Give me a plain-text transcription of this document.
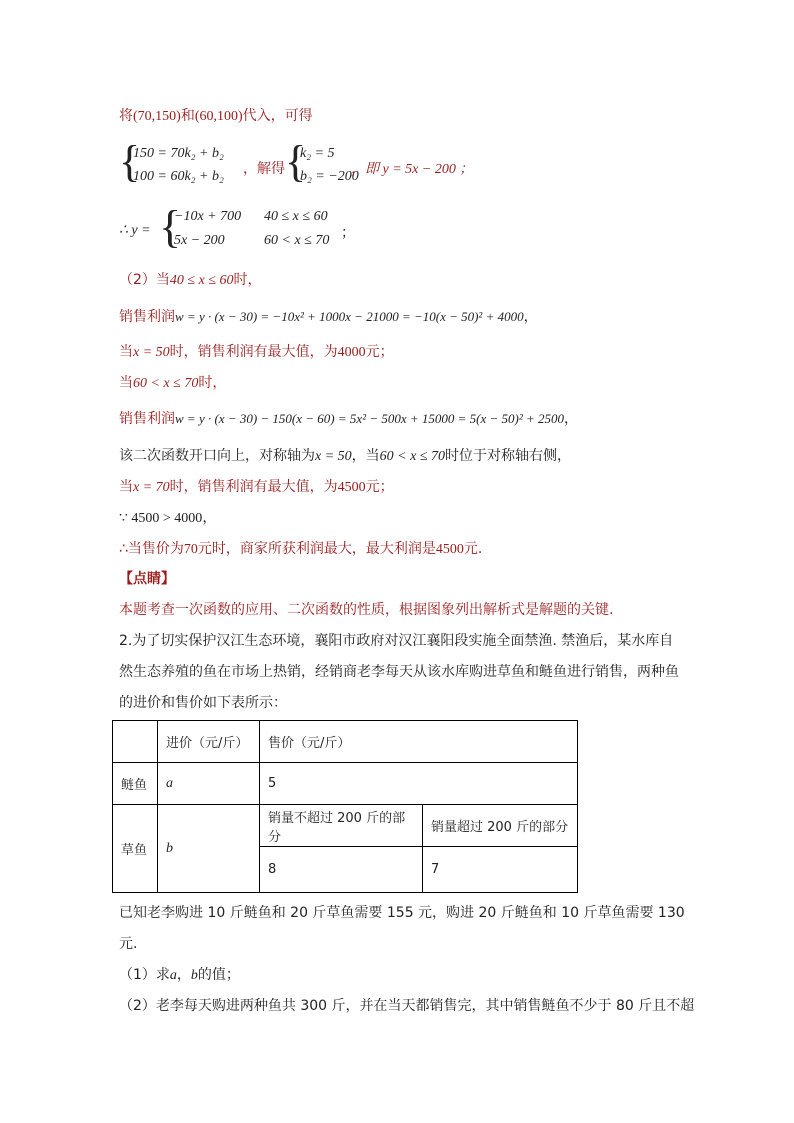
将(70,150)和(60,100)代入，可得
{
150 = 70k₂ + b₂
100 = 60k₂ + b₂ ，解得 {
k₂ = 5
b₂ = −200
，即 y = 5x − 200 ；
∴ y = {
−10x + 700 40 ≤ x ≤ 60
5x − 200	60 < x ≤ 70 ；
（2）当40 ≤ x ≤ 60时，
销售利润w = y · (x − 30) = −10x² + 1000x − 21000 = −10(x − 50)² + 4000，
当x = 50时，销售利润有最大值，为4000元；
当60 < x ≤ 70时，
销售利润w = y · (x − 30) − 150(x − 60) = 5x² − 500x + 15000 = 5(x − 50)² + 2500，
该二次函数开口向上，对称轴为x = 50，当60 < x ≤ 70时位于对称轴右侧，
当x = 70时，销售利润有最大值，为4500元；
∵ 4500 > 4000，
∴当售价为70元时，商家所获利润最大，最大利润是4500元.
【点睛】
本题考查一次函数的应用、二次函数的性质，根据图象列出解析式是解题的关键.
2.为了切实保护汉江生态环境，襄阳市政府对汉江襄阳段实施全面禁渔. 禁渔后，某水库自
然生态养殖的鱼在市场上热销，经销商老李每天从该水库购进草鱼和鲢鱼进行销售，两种鱼
的进价和售价如下表所示：
	进价（元/斤）	售价（元/斤）	
鲢鱼	a	5	
草鱼	b	销量不超过 200 斤的部分	销量超过 200 斤的部分
		8	7
已知老李购进 10 斤鲢鱼和 20 斤草鱼需要 155 元，购进 20 斤鲢鱼和 10 斤草鱼需要 130
元.
（1）求a，b的值；
（2）老李每天购进两种鱼共 300 斤，并在当天都销售完，其中销售鲢鱼不少于 80 斤且不超
